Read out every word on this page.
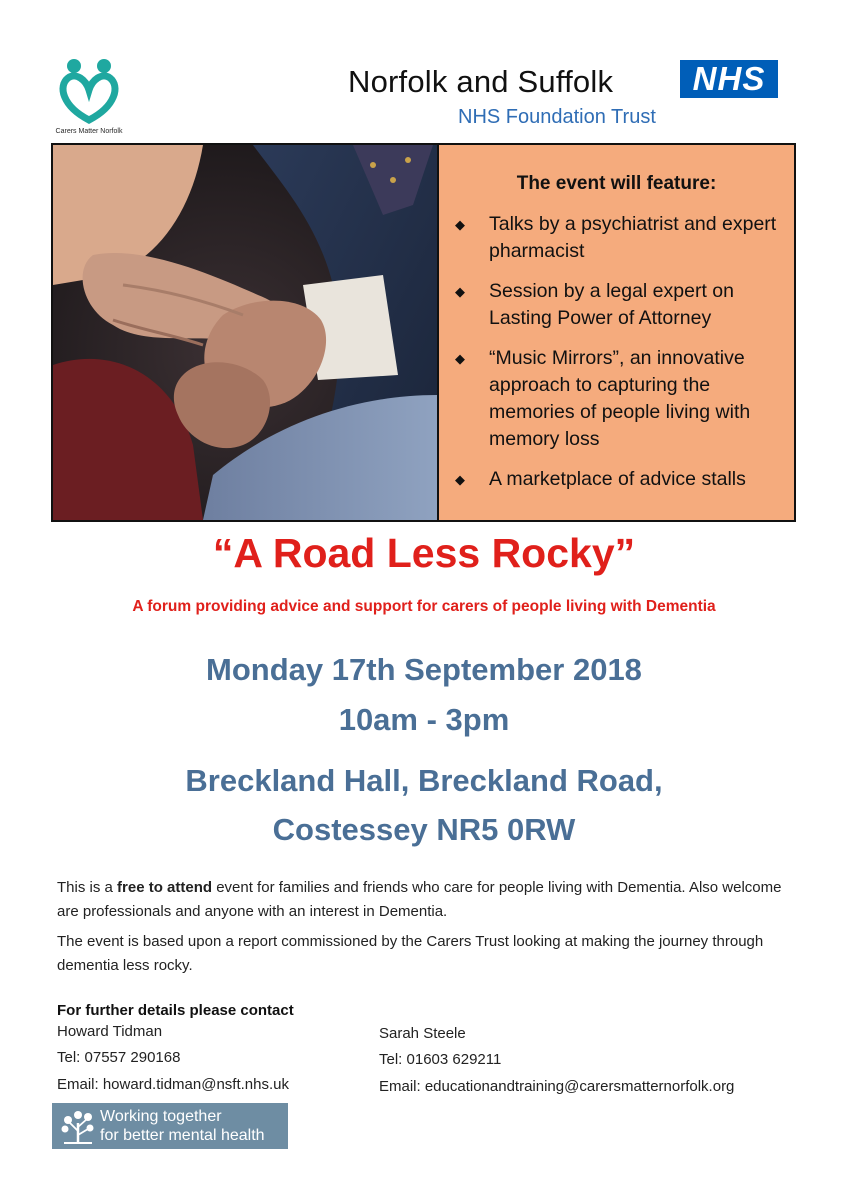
Carers Matter Norfolk
Norfolk and Suffolk
NHS Foundation Trust
NHS
The event will feature:
◆ Talks by a psychiatrist and expert pharmacist
◆ Session by a legal expert on Lasting Power of Attorney
◆ “Music Mirrors”, an innovative approach to capturing the memories of people living with memory loss
◆ A marketplace of advice stalls
“A Road Less Rocky”
A forum providing advice and support for carers of people living with Dementia
Monday 17th September 2018
10am - 3pm
Breckland Hall, Breckland Road,
Costessey NR5 0RW
This is a free to attend event for families and friends who care for people living with Dementia. Also welcome are professionals and anyone with an interest in Dementia.
The event is based upon a report commissioned by the Carers Trust looking at making the journey through dementia less rocky.
For further details please contact
Howard Tidman
Tel: 07557 290168
Email: howard.tidman@nsft.nhs.uk
Sarah Steele
Tel: 01603 629211
Email: educationandtraining@carersmatternorfolk.org
Working together
for better mental health
